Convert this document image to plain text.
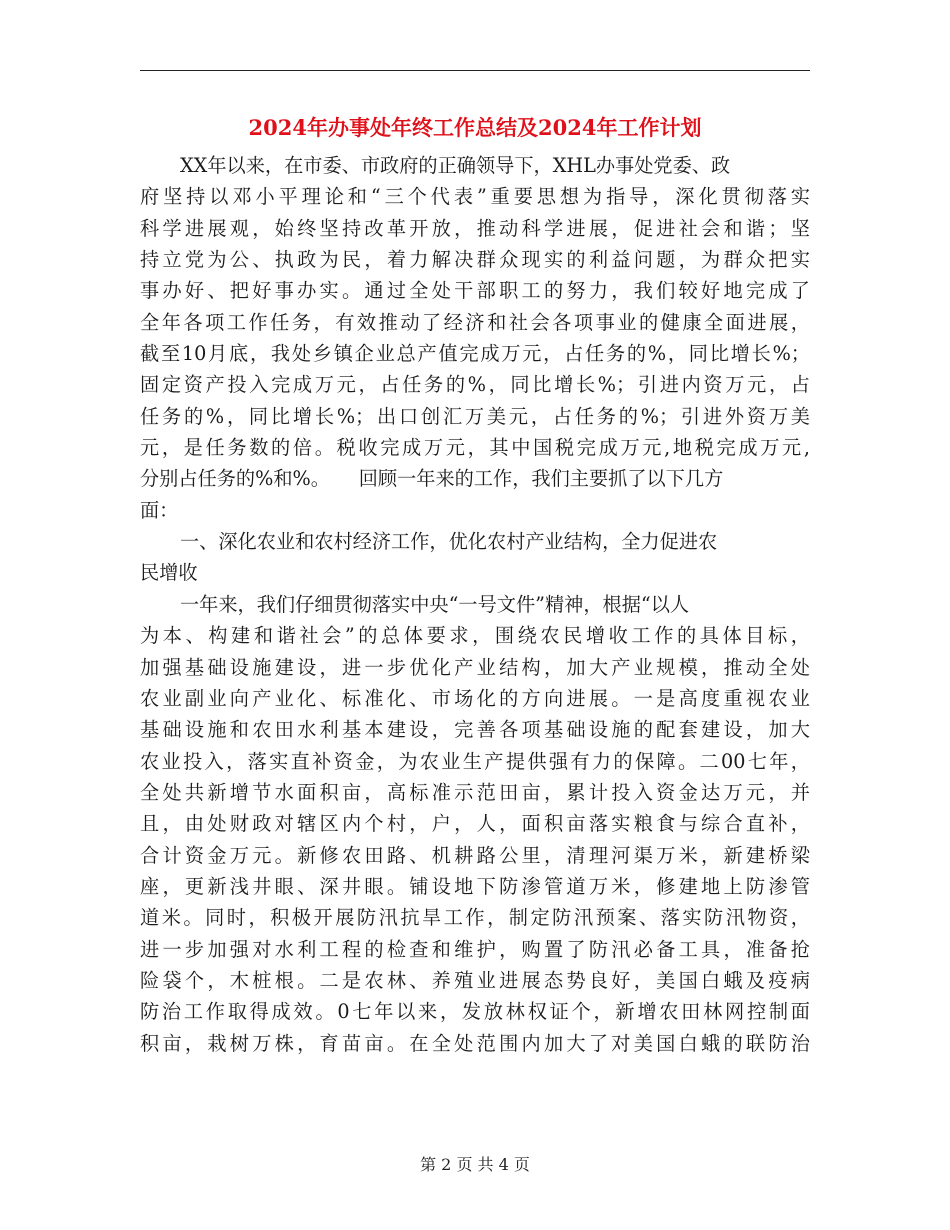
2024年办事处年终工作总结及2024年工作计划
XX年以来，在市委、市政府的正确领导下，XHL办事处党委、政
府坚持以邓小平理论和“三个代表”重要思想为指导，深化贯彻落实
科学进展观，始终坚持改革开放，推动科学进展，促进社会和谐；坚
持立党为公、执政为民，着力解决群众现实的利益问题，为群众把实
事办好、把好事办实。通过全处干部职工的努力，我们较好地完成了
全年各项工作任务，有效推动了经济和社会各项事业的健康全面进展，
截至10月底，我处乡镇企业总产值完成万元，占任务的%，同比增长%；
固定资产投入完成万元，占任务的%，同比增长%；引进内资万元，占
任务的%，同比增长%；出口创汇万美元，占任务的%；引进外资万美
元，是任务数的倍。税收完成万元，其中国税完成万元,地税完成万元,
分别占任务的%和%。　　回顾一年来的工作，我们主要抓了以下几方
面：
一、深化农业和农村经济工作，优化农村产业结构，全力促进农
民增收
一年来，我们仔细贯彻落实中央“一号文件”精神，根据“以人
为本、构建和谐社会”的总体要求，围绕农民增收工作的具体目标，
加强基础设施建设，进一步优化产业结构，加大产业规模，推动全处
农业副业向产业化、标准化、市场化的方向进展。一是高度重视农业
基础设施和农田水利基本建设，完善各项基础设施的配套建设，加大
农业投入，落实直补资金，为农业生产提供强有力的保障。二00七年，
全处共新增节水面积亩，高标准示范田亩，累计投入资金达万元，并
且，由处财政对辖区内个村，户，人，面积亩落实粮食与综合直补，
合计资金万元。新修农田路、机耕路公里，清理河渠万米，新建桥梁
座，更新浅井眼、深井眼。铺设地下防渗管道万米，修建地上防渗管
道米。同时，积极开展防汛抗旱工作，制定防汛预案、落实防汛物资，
进一步加强对水利工程的检查和维护，购置了防汛必备工具，准备抢
险袋个，木桩根。二是农林、养殖业进展态势良好，美国白蛾及疫病
防治工作取得成效。0七年以来，发放林权证个，新增农田林网控制面
积亩，栽树万株，育苗亩。在全处范围内加大了对美国白蛾的联防治
第 2 页 共 4 页
